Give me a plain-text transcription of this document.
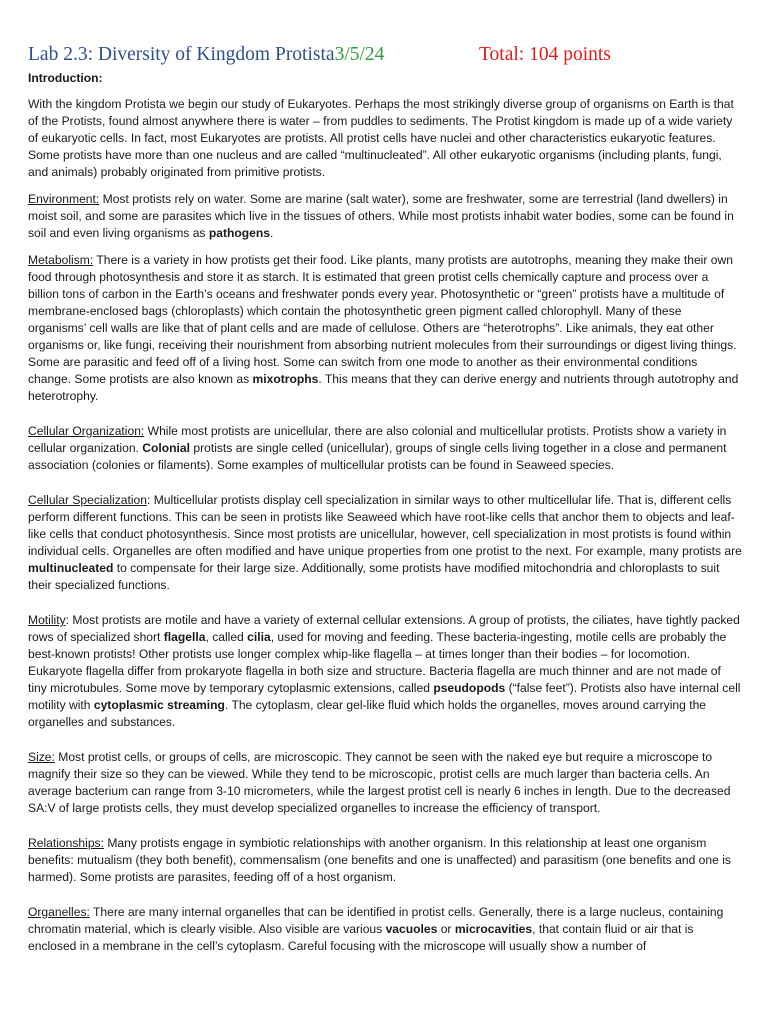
Lab 2.3: Diversity of Kingdom Protista3/5/24	Total: 104 points
Introduction:

With the kingdom Protista we begin our study of Eukaryotes. Perhaps the most strikingly diverse group of organisms on Earth is that of the Protists, found almost anywhere there is water – from puddles to sediments. The Protist kingdom is made up of a wide variety of eukaryotic cells. In fact, most Eukaryotes are protists. All protist cells have nuclei and other characteristics eukaryotic features. Some protists have more than one nucleus and are called “multinucleated”. All other eukaryotic organisms (including plants, fungi, and animals) probably originated from primitive protists.

Environment: Most protists rely on water. Some are marine (salt water), some are freshwater, some are terrestrial (land dwellers) in moist soil, and some are parasites which live in the tissues of others. While most protists inhabit water bodies, some can be found in soil and even living organisms as pathogens.

Metabolism: There is a variety in how protists get their food. Like plants, many protists are autotrophs, meaning they make their own food through photosynthesis and store it as starch. It is estimated that green protist cells chemically capture and process over a billion tons of carbon in the Earth’s oceans and freshwater ponds every year. Photosynthetic or “green” protists have a multitude of membrane-enclosed bags (chloroplasts) which contain the photosynthetic green pigment called chlorophyll. Many of these organisms’ cell walls are like that of plant cells and are made of cellulose. Others are “heterotrophs”. Like animals, they eat other organisms or, like fungi, receiving their nourishment from absorbing nutrient molecules from their surroundings or digest living things. Some are parasitic and feed off of a living host. Some can switch from one mode to another as their environmental conditions change. Some protists are also known as mixotrophs. This means that they can derive energy and nutrients through autotrophy and heterotrophy.

Cellular Organization: While most protists are unicellular, there are also colonial and multicellular protists. Protists show a variety in cellular organization. Colonial protists are single celled (unicellular), groups of single cells living together in a close and permanent association (colonies or filaments). Some examples of multicellular protists can be found in Seaweed species.

Cellular Specialization: Multicellular protists display cell specialization in similar ways to other multicellular life. That is, different cells perform different functions. This can be seen in protists like Seaweed which have root-like cells that anchor them to objects and leaf-like cells that conduct photosynthesis. Since most protists are unicellular, however, cell specialization in most protists is found within individual cells. Organelles are often modified and have unique properties from one protist to the next. For example, many protists are multinucleated to compensate for their large size. Additionally, some protists have modified mitochondria and chloroplasts to suit their specialized functions.

Motility: Most protists are motile and have a variety of external cellular extensions. A group of protists, the ciliates, have tightly packed rows of specialized short flagella, called cilia, used for moving and feeding. These bacteria-ingesting, motile cells are probably the best-known protists! Other protists use longer complex whip-like flagella – at times longer than their bodies – for locomotion. Eukaryote flagella differ from prokaryote flagella in both size and structure. Bacteria flagella are much thinner and are not made of tiny microtubules. Some move by temporary cytoplasmic extensions, called pseudopods (“false feet”). Protists also have internal cell motility with cytoplasmic streaming. The cytoplasm, clear gel-like fluid which holds the organelles, moves around carrying the organelles and substances.

Size: Most protist cells, or groups of cells, are microscopic. They cannot be seen with the naked eye but require a microscope to magnify their size so they can be viewed. While they tend to be microscopic, protist cells are much larger than bacteria cells. An average bacterium can range from 3-10 micrometers, while the largest protist cell is nearly 6 inches in length. Due to the decreased SA:V of large protists cells, they must develop specialized organelles to increase the efficiency of transport.

Relationships: Many protists engage in symbiotic relationships with another organism. In this relationship at least one organism benefits: mutualism (they both benefit), commensalism (one benefits and one is unaffected) and parasitism (one benefits and one is harmed). Some protists are parasites, feeding off of a host organism.

Organelles: There are many internal organelles that can be identified in protist cells. Generally, there is a large nucleus, containing chromatin material, which is clearly visible. Also visible are various vacuoles or microcavities, that contain fluid or air that is enclosed in a membrane in the cell’s cytoplasm. Careful focusing with the microscope will usually show a number of
